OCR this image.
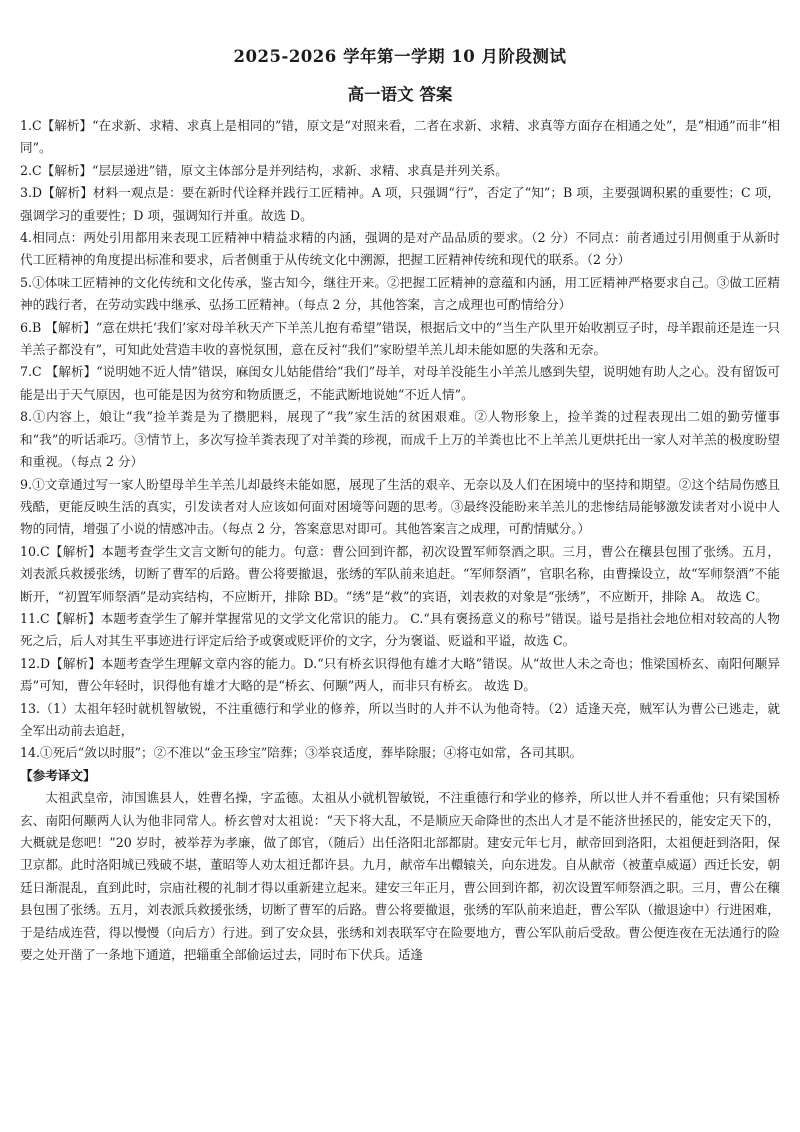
2025-2026 学年第一学期 10 月阶段测试
高一语文 答案

1.C【解析】“在求新、求精、求真上是相同的”错，原文是“对照来看，二者在求新、求精、求真等方面存在相通之处”，是“相通”而非“相同”。

2.C【解析】“层层递进”错，原文主体部分是并列结构，求新、求精、求真是并列关系。

3.D【解析】材料一观点是：要在新时代诠释并践行工匠精神。A 项，只强调“行”，否定了“知”；B 项，主要强调积累的重要性；C 项，强调学习的重要性；D 项，强调知行并重。故选 D。

4.相同点：两处引用都用来表现工匠精神中精益求精的内涵，强调的是对产品品质的要求。（2 分）不同点：前者通过引用侧重于从新时代工匠精神的角度提出标准和要求，后者侧重于从传统文化中溯源，把握工匠精神传统和现代的联系。（2 分）

5.①体味工匠精神的文化传统和文化传承，鉴古知今，继往开来。②把握工匠精神的意蕴和内涵，用工匠精神严格要求自己。③做工匠精神的践行者，在劳动实践中继承、弘扬工匠精神。（每点 2 分，其他答案，言之成理也可酌情给分）

6.B 【解析】“意在烘托‘我们’家对母羊秋天产下羊羔儿抱有希望”错误，根据后文中的“当生产队里开始收割豆子时，母羊跟前还是连一只羊羔子都没有”，可知此处营造丰收的喜悦氛围，意在反衬“我们”家盼望羊羔儿却未能如愿的失落和无奈。

7.C 【解析】“说明她不近人情”错误，麻闺女儿姑能借给“我们”母羊，对母羊没能生小羊羔儿感到失望，说明她有助人之心。没有留饭可能是出于天气原因，也可能是因为贫穷和物质匮乏，不能武断地说她“不近人情”。

8.①内容上，娘让“我”捡羊粪是为了攒肥料，展现了“我”家生活的贫困艰难。②人物形象上，捡羊粪的过程表现出二姐的勤劳懂事和“我”的听话乖巧。③情节上，多次写捡羊粪表现了对羊粪的珍视，而成千上万的羊粪也比不上羊羔儿更烘托出一家人对羊羔的极度盼望和重视。（每点 2 分）

9.①文章通过写一家人盼望母羊生羊羔儿却最终未能如愿，展现了生活的艰辛、无奈以及人们在困境中的坚持和期望。②这个结局伤感且残酷，更能反映生活的真实，引发读者对人应该如何面对困境等问题的思考。③最终没能盼来羊羔儿的悲惨结局能够激发读者对小说中人物的同情，增强了小说的情感冲击。（每点 2 分，答案意思对即可。其他答案言之成理，可酌情赋分。）

10.C【解析】本题考查学生文言文断句的能力。句意：曹公回到许都，初次设置军师祭酒之职。三月，曹公在穰县包围了张绣。五月，刘表派兵救援张绣，切断了曹军的后路。曹公将要撤退，张绣的军队前来追赶。“军师祭酒”，官职名称，由曹操设立，故“军师祭酒”不能断开，“初置军师祭酒”是动宾结构，不应断开，排除 BD。“绣”是“救”的宾语，刘表救的对象是“张绣”，不应断开，排除 A。 故选 C。

11.C【解析】本题考查学生了解并掌握常见的文学文化常识的能力。 C.“具有褒扬意义的称号”错误。谥号是指社会地位相对较高的人物死之后，后人对其生平事迹进行评定后给予或褒或贬评价的文字，分为褒谥、贬谥和平谥，故选 C。

12.D【解析】本题考查学生理解文章内容的能力。D.“只有桥玄识得他有雄才大略”错误。从“故世人未之奇也；惟梁国桥玄、南阳何颙异焉”可知，曹公年轻时，识得他有雄才大略的是“桥玄、何颙”两人，而非只有桥玄。 故选 D。

13.（1）太祖年轻时就机智敏锐，不注重德行和学业的修养，所以当时的人并不认为他奇特。（2）适逢天亮，贼军认为曹公已逃走，就全军出动前去追赶，

14.①死后“敛以时服”；②不准以“金玉珍宝”陪葬；③举哀适度，葬毕除服；④将屯如常，各司其职。

【参考译文】

太祖武皇帝，沛国谯县人，姓曹名操，字孟德。太祖从小就机智敏锐，不注重德行和学业的修养，所以世人并不看重他；只有梁国桥玄、南阳何颙两人认为他非同常人。桥玄曾对太祖说：“天下将大乱，不是顺应天命降世的杰出人才是不能济世拯民的，能安定天下的，大概就是您吧！”20 岁时，被举荐为孝廉，做了郎官，（随后）出任洛阳北部都尉。建安元年七月，献帝回到洛阳，太祖便赶到洛阳，保卫京都。此时洛阳城已残破不堪，董昭等人劝太祖迁都许县。九月，献帝车出轘辕关，向东进发。自从献帝（被董卓威逼）西迁长安，朝廷日渐混乱，直到此时，宗庙社稷的礼制才得以重新建立起来。建安三年正月，曹公回到许都，初次设置军师祭酒之职。三月，曹公在穰县包围了张绣。五月，刘表派兵救援张绣，切断了曹军的后路。曹公将要撤退，张绣的军队前来追赶，曹公军队（撤退途中）行进困难，于是结成连营，得以慢慢（向后方）行进。到了安众县，张绣和刘表联军守在险要地方，曹公军队前后受敌。曹公便连夜在无法通行的险要之处开凿了一条地下通道，把辎重全部偷运过去，同时布下伏兵。适逢
